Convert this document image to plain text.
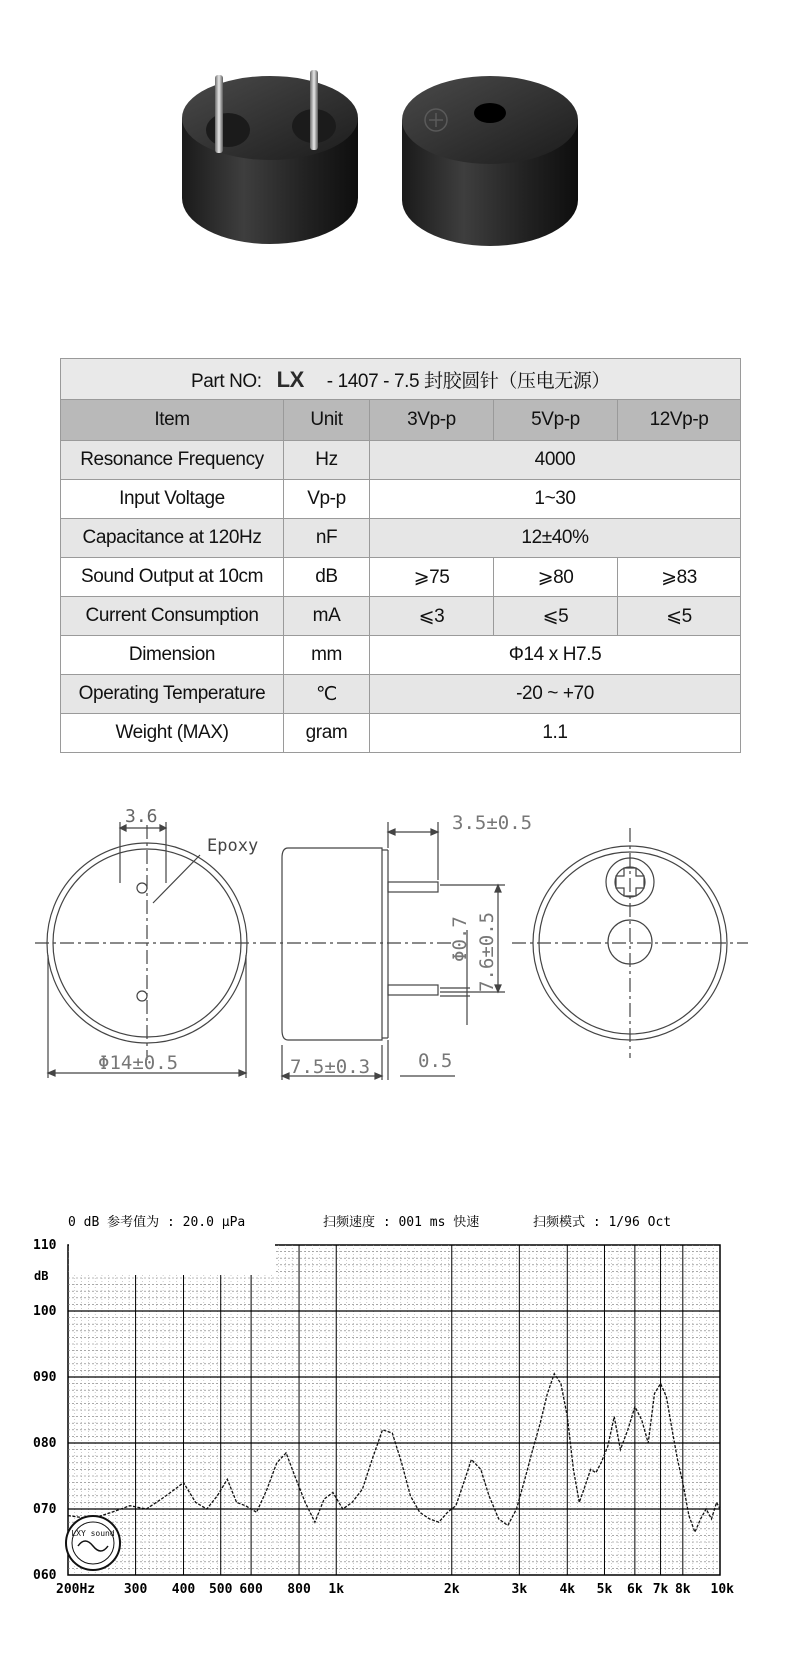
Part NO: LX - 1407 - 7.5 封胶圆针（压电无源）				
Item	Unit	3Vp-p	5Vp-p	12Vp-p
Resonance Frequency	Hz	4000		
Input Voltage	Vp-p	1~30		
Capacitance at 120Hz	nF	12±40%		
Sound Output at 10cm	dB	⩾75	⩾80	⩾83
Current Consumption	mA	⩽3	⩽5	⩽5
Dimension	mm	Φ14 x H7.5		
Operating Temperature	℃	-20 ~ +70		
Weight (MAX)	gram	1.1		
3.6
Epoxy
Φ14±0.5
3.5±0.5
7.5±0.3	0.5
Φ0.7 7.6±0.5
0 dB 参考值为 : 20.0 μPa	扫频速度 : 001 ms 快速	扫频模式 : 1/96 Oct
dB
110
100
090
080
070
060
200Hz 300 400 500 600 800 1k	2k	3k 4k 5k 6k 7k 8k 10k
LXY sound
